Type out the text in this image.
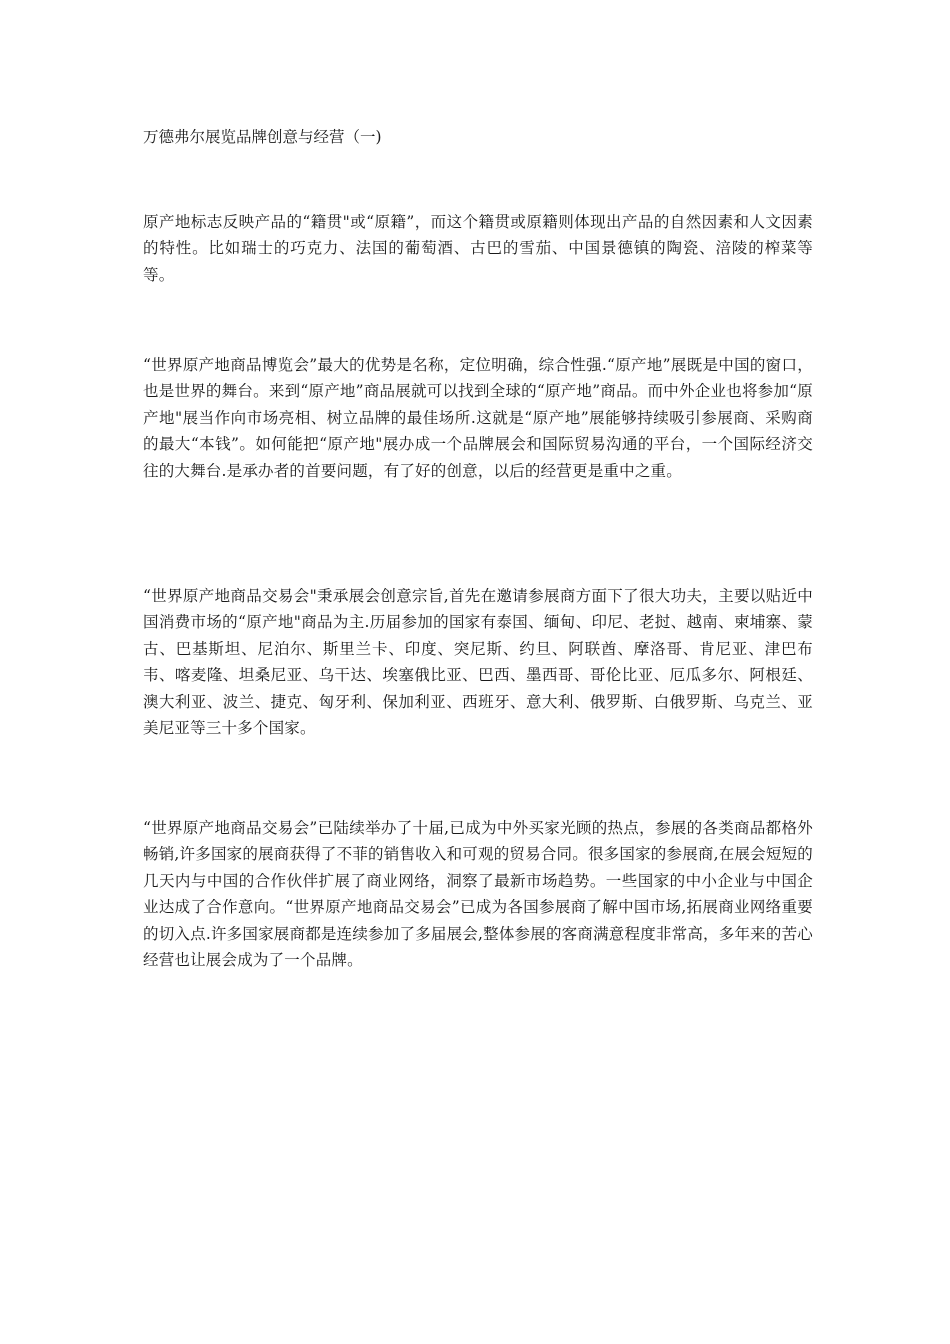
万德弗尔展览品牌创意与经营（一)

原产地标志反映产品的“籍贯"或“原籍”，而这个籍贯或原籍则体现出产品的自然因素和人文因素的特性。比如瑞士的巧克力、法国的葡萄酒、古巴的雪茄、中国景德镇的陶瓷、涪陵的榨菜等等。

“世界原产地商品博览会”最大的优势是名称，定位明确，综合性强.“原产地”展既是中国的窗口，也是世界的舞台。来到“原产地”商品展就可以找到全球的“原产地”商品。而中外企业也将参加“原产地"展当作向市场亮相、树立品牌的最佳场所.这就是“原产地”展能够持续吸引参展商、采购商的最大“本钱”。如何能把“原产地"展办成一个品牌展会和国际贸易沟通的平台，一个国际经济交往的大舞台.是承办者的首要问题，有了好的创意，以后的经营更是重中之重。

“世界原产地商品交易会"秉承展会创意宗旨,首先在邀请参展商方面下了很大功夫，主要以贴近中国消费市场的“原产地"商品为主.历届参加的国家有泰国、缅甸、印尼、老挝、越南、柬埔寨、蒙古、巴基斯坦、尼泊尔、斯里兰卡、印度、突尼斯、约旦、阿联酋、摩洛哥、肯尼亚、津巴布韦、喀麦隆、坦桑尼亚、乌干达、埃塞俄比亚、巴西、墨西哥、哥伦比亚、厄瓜多尔、阿根廷、澳大利亚、波兰、捷克、匈牙利、保加利亚、西班牙、意大利、俄罗斯、白俄罗斯、乌克兰、亚美尼亚等三十多个国家。

“世界原产地商品交易会”已陆续举办了十届,已成为中外买家光顾的热点，参展的各类商品都格外畅销,许多国家的展商获得了不菲的销售收入和可观的贸易合同。很多国家的参展商,在展会短短的几天内与中国的合作伙伴扩展了商业网络，洞察了最新市场趋势。一些国家的中小企业与中国企业达成了合作意向。“世界原产地商品交易会”已成为各国参展商了解中国市场,拓展商业网络重要的切入点.许多国家展商都是连续参加了多届展会,整体参展的客商满意程度非常高，多年来的苦心经营也让展会成为了一个品牌。
